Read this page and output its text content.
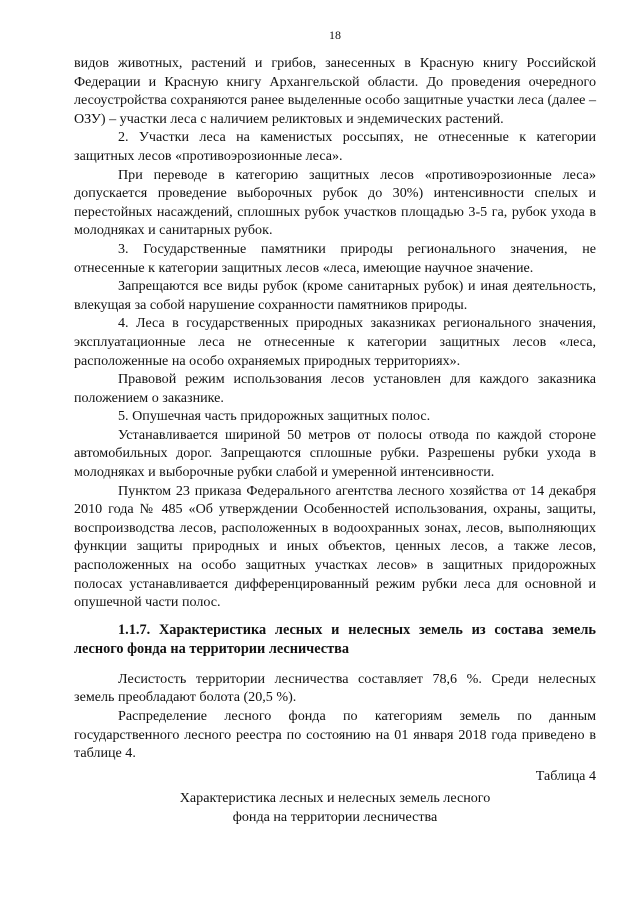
18

видов животных, растений и грибов, занесенных в Красную книгу Российской Федерации и Красную книгу Архангельской области. До проведения очередного лесоустройства сохраняются ранее выделенные особо защитные участки леса (далее – ОЗУ) – участки леса с наличием реликтовых и эндемических растений.

2. Участки леса на каменистых россыпях, не отнесенные к категории защитных лесов «противоэрозионные леса».

При переводе в категорию защитных лесов «противоэрозионные леса» допускается проведение выборочных рубок до 30%) интенсивности спелых и перестойных насаждений, сплошных рубок участков площадью 3-5 га, рубок ухода в молодняках и санитарных рубок.

3. Государственные памятники природы регионального значения, не отнесенные к категории защитных лесов «леса, имеющие научное значение.

Запрещаются все виды рубок (кроме санитарных рубок) и иная деятельность, влекущая за собой нарушение сохранности памятников природы.

4. Леса в государственных природных заказниках регионального значения, эксплуатационные леса не отнесенные к категории защитных лесов «леса, расположенные на особо охраняемых природных территориях».

Правовой режим использования лесов установлен для каждого заказника положением о заказнике.

5. Опушечная часть придорожных защитных полос.

Устанавливается шириной 50 метров от полосы отвода по каждой стороне автомобильных дорог. Запрещаются сплошные рубки. Разрешены рубки ухода в молодняках и выборочные рубки слабой и умеренной интенсивности.

Пунктом 23 приказа Федерального агентства лесного хозяйства от 14 декабря 2010 года № 485 «Об утверждении Особенностей использования, охраны, защиты, воспроизводства лесов, расположенных в водоохранных зонах, лесов, выполняющих функции защиты природных и иных объектов, ценных лесов, а также лесов, расположенных на особо защитных участках лесов» в защитных придорожных полосах устанавливается дифференцированный режим рубки леса для основной и опушечной части полос.

1.1.7. Характеристика лесных и нелесных земель из состава земель лесного фонда на территории лесничества

Лесистость территории лесничества составляет 78,6 %. Среди нелесных земель преобладают болота (20,5 %).

Распределение лесного фонда по категориям земель по данным государственного лесного реестра по состоянию на 01 января 2018 года приведено в таблице 4.

Таблица 4
Характеристика лесных и нелесных земель лесного
фонда на территории лесничества
